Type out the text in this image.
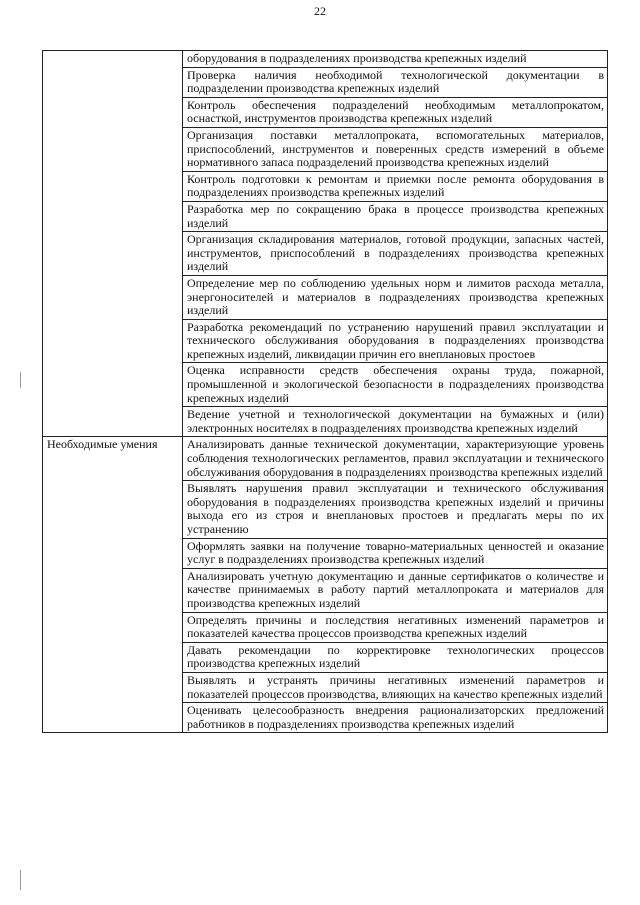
22
	оборудования в подразделениях производства крепежных изделий
	Проверка наличия необходимой технологической документации в подразделении производства крепежных изделий
	Контроль обеспечения подразделений необходимым металлопрокатом, оснасткой, инструментов производства крепежных изделий
	Организация поставки металлопроката, вспомогательных материалов, приспособлений, инструментов и поверенных средств измерений в объеме нормативного запаса подразделений производства крепежных изделий
	Контроль подготовки к ремонтам и приемки после ремонта оборудования в подразделениях производства крепежных изделий
	Разработка мер по сокращению брака в процессе производства крепежных изделий
	Организация складирования материалов, готовой продукции, запасных частей, инструментов, приспособлений в подразделениях производства крепежных изделий
	Определение мер по соблюдению удельных норм и лимитов расхода металла, энергоносителей и материалов в подразделениях производства крепежных изделий
	Разработка рекомендаций по устранению нарушений правил эксплуатации и технического обслуживания оборудования в подразделениях производства крепежных изделий, ликвидации причин его внеплановых простоев
	Оценка исправности средств обеспечения охраны труда, пожарной, промышленной и экологической безопасности в подразделениях производства крепежных изделий
	Ведение учетной и технологической документации на бумажных и (или) электронных носителях в подразделениях производства крепежных изделий
Необходимые умения	Анализировать данные технической документации, характеризующие уровень соблюдения технологических регламентов, правил эксплуатации и технического обслуживания оборудования в подразделениях производства крепежных изделий
	Выявлять нарушения правил эксплуатации и технического обслуживания оборудования в подразделениях производства крепежных изделий и причины выхода его из строя и внеплановых простоев и предлагать меры по их устранению
	Оформлять заявки на получение товарно-материальных ценностей и оказание услуг в подразделениях производства крепежных изделий
	Анализировать учетную документацию и данные сертификатов о количестве и качестве принимаемых в работу партий металлопроката и материалов для производства крепежных изделий
	Определять причины и последствия негативных изменений параметров и показателей качества процессов производства крепежных изделий
	Давать рекомендации по корректировке технологических процессов производства крепежных изделий
	Выявлять и устранять причины негативных изменений параметров и показателей процессов производства, влияющих на качество крепежных изделий
	Оценивать целесообразность внедрения рационализаторских предложений работников в подразделениях производства крепежных изделий
